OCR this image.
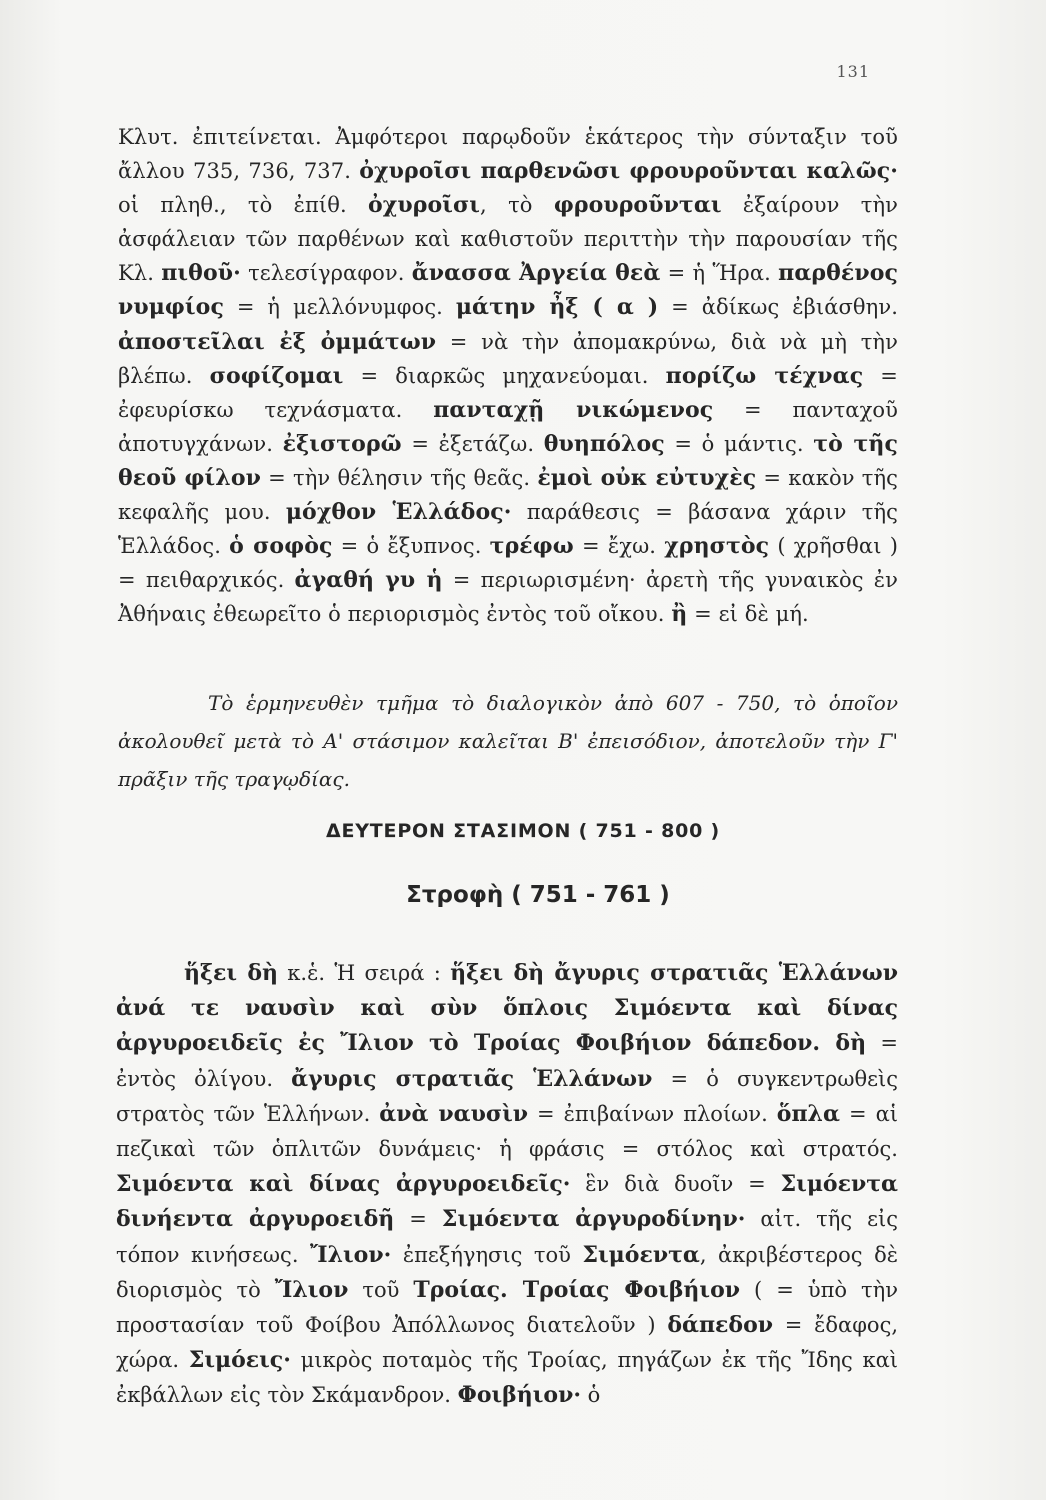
131

Κλυτ. ἐπιτείνεται. Ἀμφότεροι παρῳδοῦν ἑκάτερος τὴν σύνταξιν τοῦ ἄλλου 735, 736, 737. ὀχυροῖσι παρθενῶσι φρουροῦνται καλῶς· οἱ πληθ., τὸ ἐπίθ. ὀχυροῖσι, τὸ φρουροῦνται ἐξαίρουν τὴν ἀσφάλειαν τῶν παρθένων καὶ καθιστοῦν περιττὴν τὴν παρουσίαν τῆς Κλ. πιθοῦ· τελεσίγραφον. ἄνασσα Ἀργεία θεὰ = ἡ Ἥρα. παρθένος νυμφίος = ἡ μελλόνυμφος. μάτην ἦξ ( α ) = ἀδίκως ἐβιάσθην. ἀποστεῖλαι ἐξ ὀμμάτων = νὰ τὴν ἀπομακρύνω, διὰ νὰ μὴ τὴν βλέπω. σοφίζομαι = διαρκῶς μηχανεύομαι. πορίζω τέχνας = ἐφευρίσκω τεχνάσματα. πανταχῇ νικώμενος = πανταχοῦ ἀποτυγχάνων. ἐξιστορῶ = ἐξετάζω. θυηπόλος = ὁ μάντις. τὸ τῆς θεοῦ φίλον = τὴν θέλησιν τῆς θεᾶς. ἐμοὶ οὐκ εὐτυχὲς = κακὸν τῆς κεφαλῆς μου. μόχθον Ἑλλάδος· παράθεσις = βάσανα χάριν τῆς Ἑλλάδος. ὁ σοφὸς = ὁ ἔξυπνος. τρέφω = ἔχω. χρηστὸς ( χρῆσθαι ) = πειθαρχικός. ἀγαθή γυ ἡ = περιωρισμένη· ἀρετὴ τῆς γυναικὸς ἐν Ἀθήναις ἐθεωρεῖτο ὁ περιορισμὸς ἐντὸς τοῦ οἴκου. ἢ = εἰ δὲ μή.

Τὸ ἑρμηνευθὲν τμῆμα τὸ διαλογικὸν ἀπὸ 607 - 750, τὸ ὁποῖον ἀκολουθεῖ μετὰ τὸ Α' στάσιμον καλεῖται Β' ἐπεισόδιον, ἀποτελοῦν τὴν Γ' πρᾶξιν τῆς τραγῳδίας.

ΔΕΥΤΕΡΟΝ ΣΤΑΣΙΜΟΝ ( 751 - 800 )
Στροφὴ ( 751 - 761 )

ἥξει δὴ κ.ἑ. Ἡ σειρά : ἥξει δὴ ἄγυρις στρατιᾶς Ἑλλάνων ἀνά τε ναυσὶν καὶ σὺν ὅπλοις Σιμόεντα καὶ δίνας ἀργυροειδεῖς ἐς Ἴλιον τὸ Τροίας Φοιβήιον δάπεδον. δὴ = ἐντὸς ὀλίγου. ἄγυρις στρατιᾶς Ἑλλάνων = ὁ συγκεντρωθεὶς στρατὸς τῶν Ἑλλήνων. ἀνὰ ναυσὶν = ἐπιβαίνων πλοίων. ὅπλα = αἱ πεζικαὶ τῶν ὁπλιτῶν δυνάμεις· ἡ φράσις = στόλος καὶ στρατός. Σιμόεντα καὶ δίνας ἀργυροειδεῖς· ἓν διὰ δυοῖν = Σιμόεντα δινήεντα ἀργυροειδῆ = Σιμόεντα ἀργυροδίνην· αἰτ. τῆς εἰς τόπον κινήσεως. Ἴλιον· ἐπεξήγησις τοῦ Σιμόεντα, ἀκριβέστερος δὲ διορισμὸς τὸ Ἴλιον τοῦ Τροίας. Τροίας Φοιβήιον ( = ὑπὸ τὴν προστασίαν τοῦ Φοίβου Ἀπόλλωνος διατελοῦν ) δάπεδον = ἔδαφος, χώρα. Σιμόεις· μικρὸς ποταμὸς τῆς Τροίας, πηγάζων ἐκ τῆς Ἴδης καὶ ἐκβάλλων εἰς τὸν Σκάμανδρον. Φοιβήιον· ὁ
